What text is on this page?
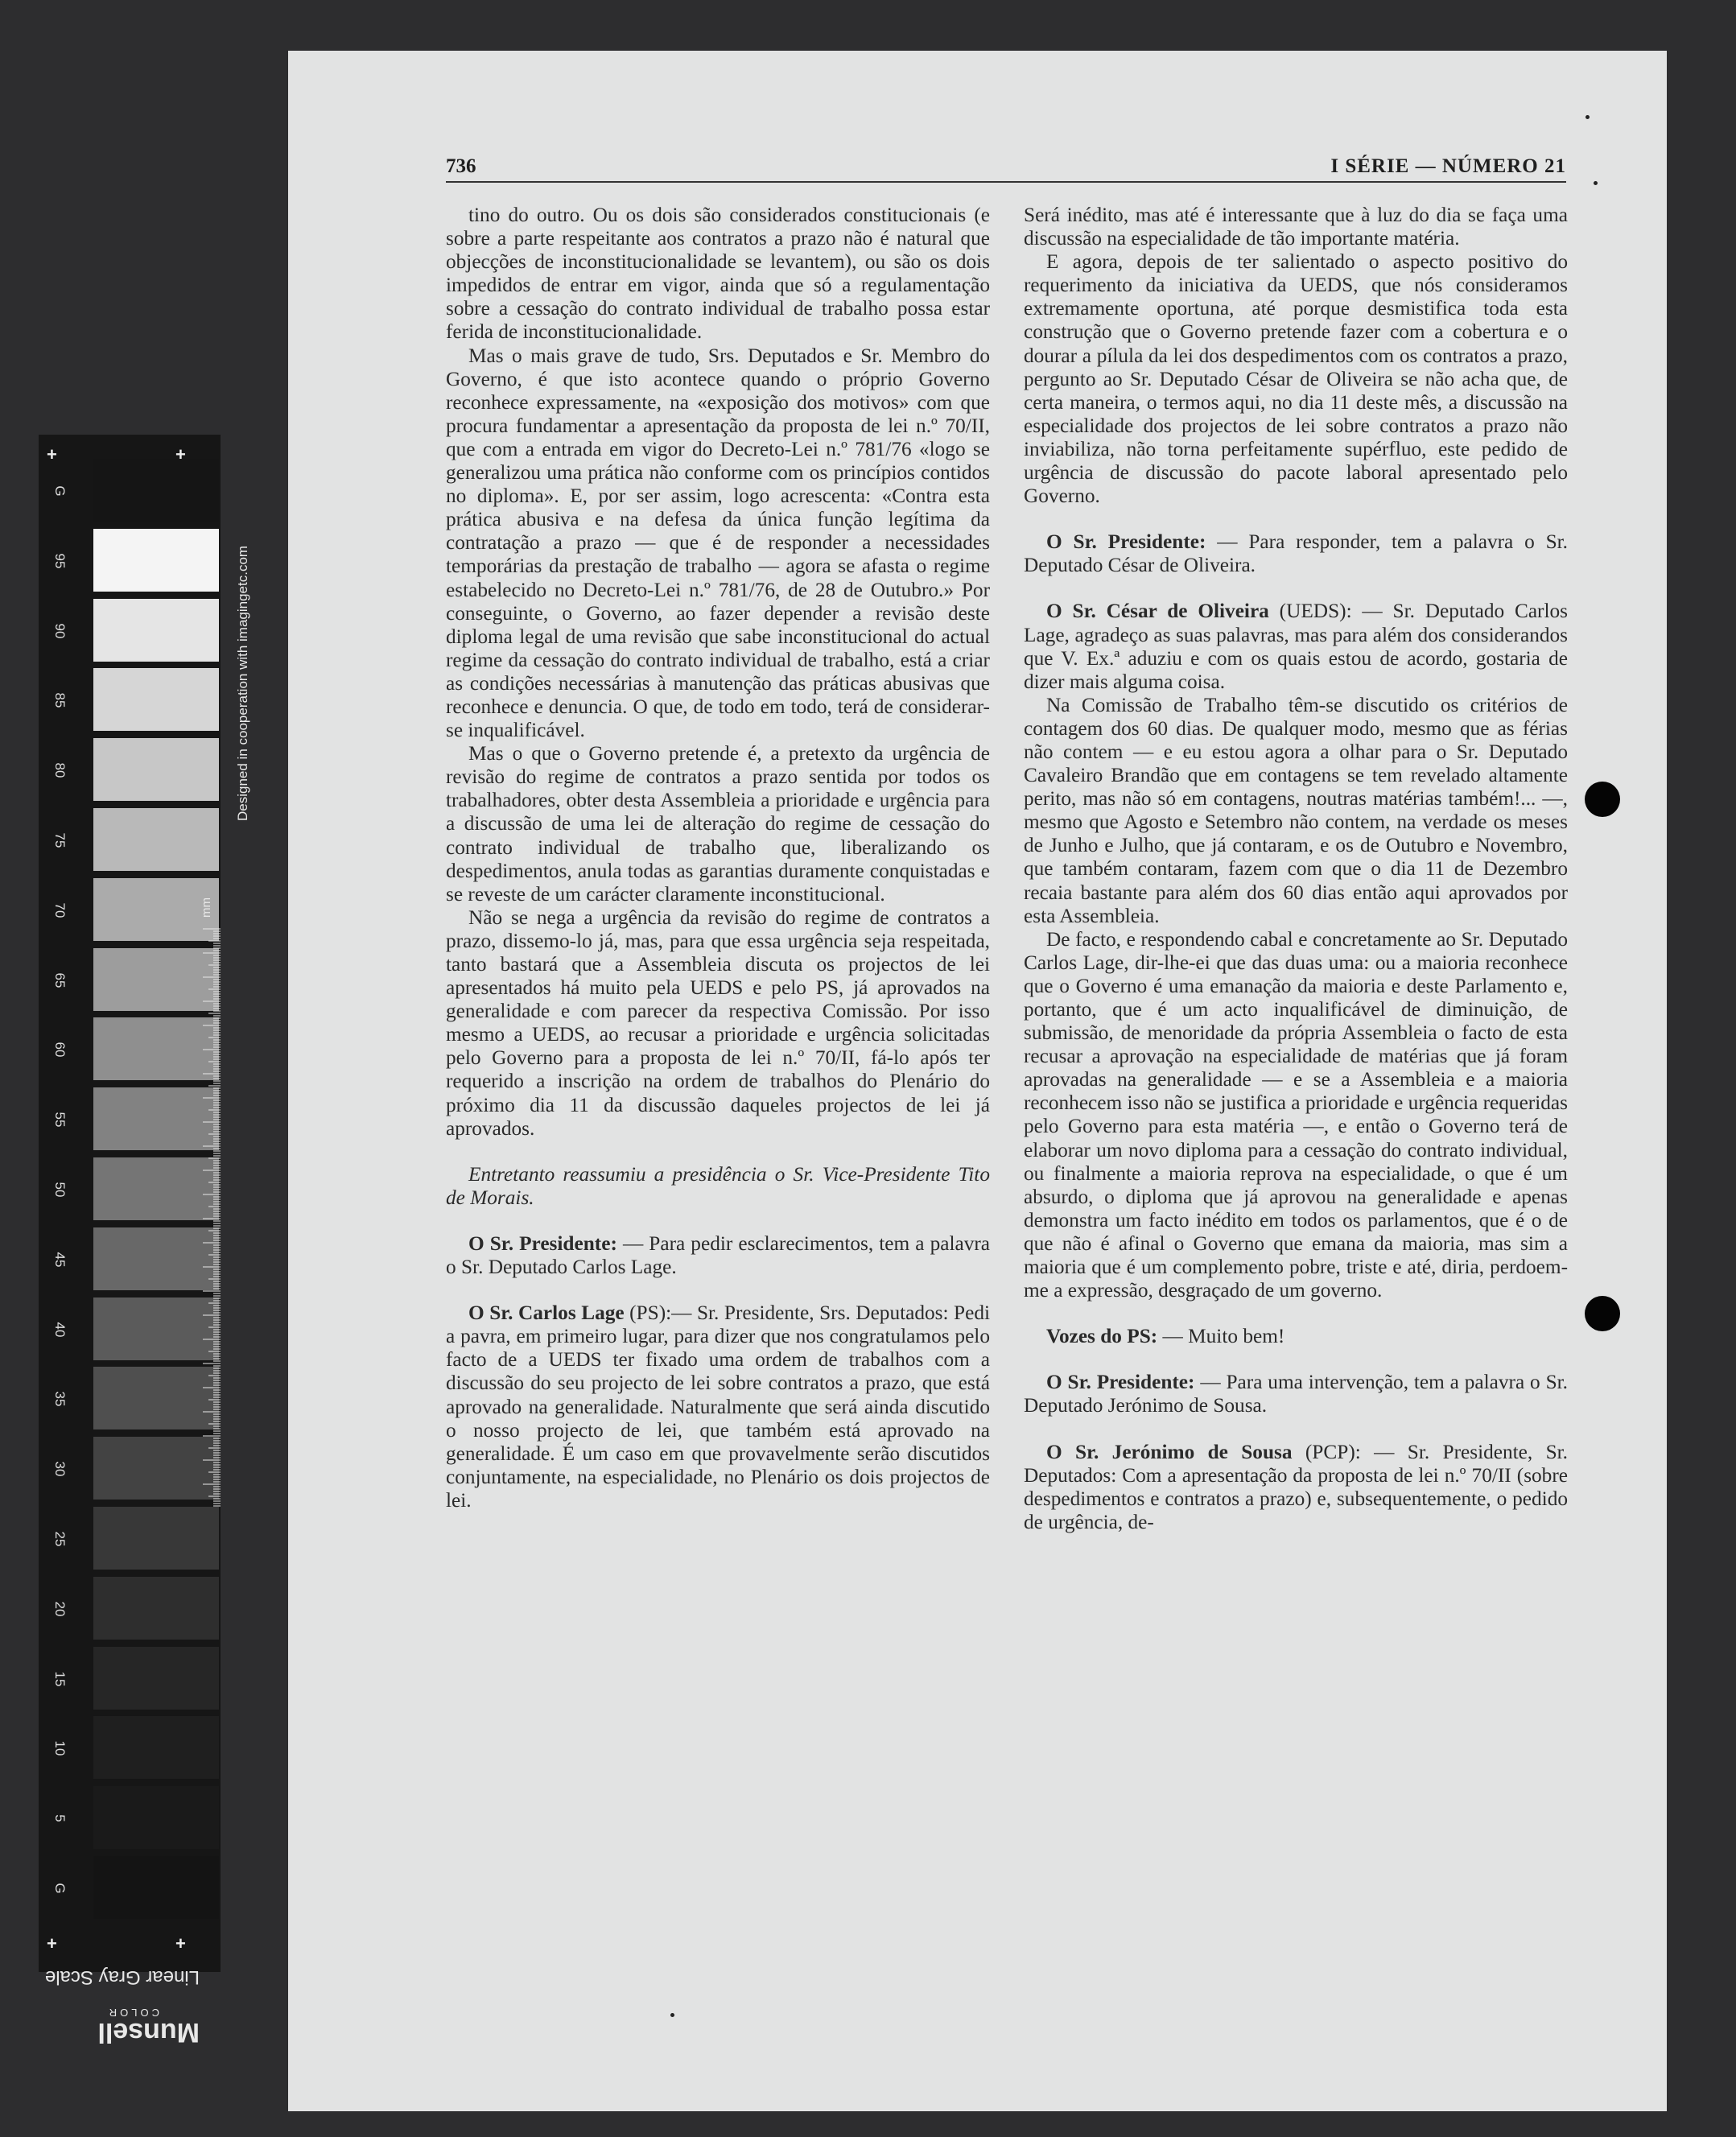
G
95
90
85
80
75
70
65
60
55
50
45
40
35
30
25
20
15
10
5
G
+	+
+	+
Designed in cooperation with imagingetc.com
mm
Linear Gray Scale
Munsell
COLOR
736	I SÉRIE — NÚMERO 21

tino do outro. Ou os dois são considerados constitucionais (e sobre a parte respeitante aos contratos a prazo não é natural que objecções de inconstitucionalidade se levantem), ou são os dois impedidos de entrar em vigor, ainda que só a regulamentação sobre a cessação do contrato individual de trabalho possa estar ferida de inconstitucionalidade.

Mas o mais grave de tudo, Srs. Deputados e Sr. Membro do Governo, é que isto acontece quando o próprio Governo reconhece expressamente, na «exposição dos motivos» com que procura fundamentar a apresentação da proposta de lei n.º 70/II, que com a entrada em vigor do Decreto-Lei n.º 781/76 «logo se generalizou uma prática não conforme com os princípios contidos no diploma». E, por ser assim, logo acrescenta: «Contra esta prática abusiva e na defesa da única função legítima da contratação a prazo — que é de responder a necessidades temporárias da prestação de trabalho — agora se afasta o regime estabelecido no Decreto-Lei n.º 781/76, de 28 de Outubro.» Por conseguinte, o Governo, ao fazer depender a revisão deste diploma legal de uma revisão que sabe inconstitucional do actual regime da cessação do contrato individual de trabalho, está a criar as condições necessárias à manutenção das práticas abusivas que reconhece e denuncia. O que, de todo em todo, terá de considerar-se inqualificável.

Mas o que o Governo pretende é, a pretexto da urgência de revisão do regime de contratos a prazo sentida por todos os trabalhadores, obter desta Assembleia a prioridade e urgência para a discussão de uma lei de alteração do regime de cessação do contrato individual de trabalho que, liberalizando os despedimentos, anula todas as garantias duramente conquistadas e se reveste de um carácter claramente inconstitucional.

Não se nega a urgência da revisão do regime de contratos a prazo, dissemo-lo já, mas, para que essa urgência seja respeitada, tanto bastará que a Assembleia discuta os projectos de lei apresentados há muito pela UEDS e pelo PS, já aprovados na generalidade e com parecer da respectiva Comissão. Por isso mesmo a UEDS, ao recusar a prioridade e urgência solicitadas pelo Governo para a proposta de lei n.º 70/II, fá-lo após ter requerido a inscrição na ordem de trabalhos do Plenário do próximo dia 11 da discussão daqueles projectos de lei já aprovados.

Entretanto reassumiu a presidência o Sr. Vice-Presidente Tito de Morais.

O Sr. Presidente: — Para pedir esclarecimentos, tem a palavra o Sr. Deputado Carlos Lage.

O Sr. Carlos Lage (PS):— Sr. Presidente, Srs. Deputados: Pedi a pavra, em primeiro lugar, para dizer que nos congratulamos pelo facto de a UEDS ter fixado uma ordem de trabalhos com a discussão do seu projecto de lei sobre contratos a prazo, que está aprovado na generalidade. Naturalmente que será ainda discutido o nosso projecto de lei, que também está aprovado na generalidade. É um caso em que provavelmente serão discutidos conjuntamente, na especialidade, no Plenário os dois projectos de lei.

Será inédito, mas até é interessante que à luz do dia se faça uma discussão na especialidade de tão importante matéria.

E agora, depois de ter salientado o aspecto positivo do requerimento da iniciativa da UEDS, que nós consideramos extremamente oportuna, até porque desmistifica toda esta construção que o Governo pretende fazer com a cobertura e o dourar a pílula da lei dos despedimentos com os contratos a prazo, pergunto ao Sr. Deputado César de Oliveira se não acha que, de certa maneira, o termos aqui, no dia 11 deste mês, a discussão na especialidade dos projectos de lei sobre contratos a prazo não inviabiliza, não torna perfeitamente supérfluo, este pedido de urgência de discussão do pacote laboral apresentado pelo Governo.

O Sr. Presidente: — Para responder, tem a palavra o Sr. Deputado César de Oliveira.

O Sr. César de Oliveira (UEDS): — Sr. Deputado Carlos Lage, agradeço as suas palavras, mas para além dos considerandos que V. Ex.ª aduziu e com os quais estou de acordo, gostaria de dizer mais alguma coisa.

Na Comissão de Trabalho têm-se discutido os critérios de contagem dos 60 dias. De qualquer modo, mesmo que as férias não contem — e eu estou agora a olhar para o Sr. Deputado Cavaleiro Brandão que em contagens se tem revelado altamente perito, mas não só em contagens, noutras matérias também!... —, mesmo que Agosto e Setembro não contem, na verdade os meses de Junho e Julho, que já contaram, e os de Outubro e Novembro, que também contaram, fazem com que o dia 11 de Dezembro recaia bastante para além dos 60 dias então aqui aprovados por esta Assembleia.

De facto, e respondendo cabal e concretamente ao Sr. Deputado Carlos Lage, dir-lhe-ei que das duas uma: ou a maioria reconhece que o Governo é uma emanação da maioria e deste Parlamento e, portanto, que é um acto inqualificável de diminuição, de submissão, de menoridade da própria Assembleia o facto de esta recusar a aprovação na especialidade de matérias que já foram aprovadas na generalidade — e se a Assembleia e a maioria reconhecem isso não se justifica a prioridade e urgência requeridas pelo Governo para esta matéria —, e então o Governo terá de elaborar um novo diploma para a cessação do contrato individual, ou finalmente a maioria reprova na especialidade, o que é um absurdo, o diploma que já aprovou na generalidade e apenas demonstra um facto inédito em todos os parlamentos, que é o de que não é afinal o Governo que emana da maioria, mas sim a maioria que é um complemento pobre, triste e até, diria, perdoem-me a expressão, desgraçado de um governo.

Vozes do PS: — Muito bem!

O Sr. Presidente: — Para uma intervenção, tem a palavra o Sr. Deputado Jerónimo de Sousa.

O Sr. Jerónimo de Sousa (PCP): — Sr. Presidente, Sr. Deputados: Com a apresentação da proposta de lei n.º 70/II (sobre despedimentos e contratos a prazo) e, subsequentemente, o pedido de urgência, de-
